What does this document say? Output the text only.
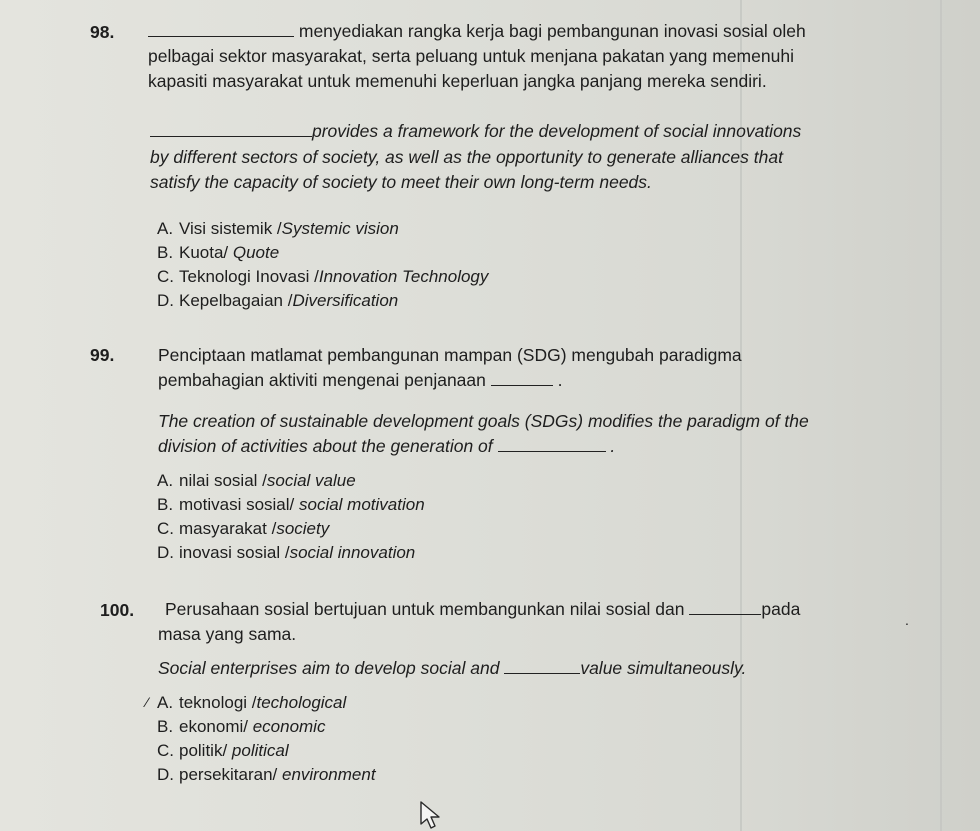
98.	menyediakan rangka kerja bagi pembangunan inovasi sosial oleh
pelbagai sektor masyarakat, serta peluang untuk menjana pakatan yang memenuhi
kapasiti masyarakat untuk memenuhi keperluan jangka panjang mereka sendiri.
provides a framework for the development of social innovations
by different sectors of society, as well as the opportunity to generate alliances that
satisfy the capacity of society to meet their own long-term needs.
A. Visi sistemik /Systemic vision
B. Kuota/ Quote
C. Teknologi Inovasi /Innovation Technology
D. Kepelbagaian /Diversification
99. Penciptaan matlamat pembangunan mampan (SDG) mengubah paradigma
pembahagian aktiviti mengenai penjanaan	.
The creation of sustainable development goals (SDGs) modifies the paradigm of the
division of activities about the generation of	.
A. nilai sosial /social value
B. motivasi sosial/ social motivation
C. masyarakat /society
D. inovasi sosial /social innovation
100. Perusahaan sosial bertujuan untuk membangunkan nilai sosial dan	pada
masa yang sama.
Social enterprises aim to develop social and	value simultaneously.
⁄ A. teknologi /techological
B. ekonomi/ economic
C. politik/ political
D. persekitaran/ environment
.
